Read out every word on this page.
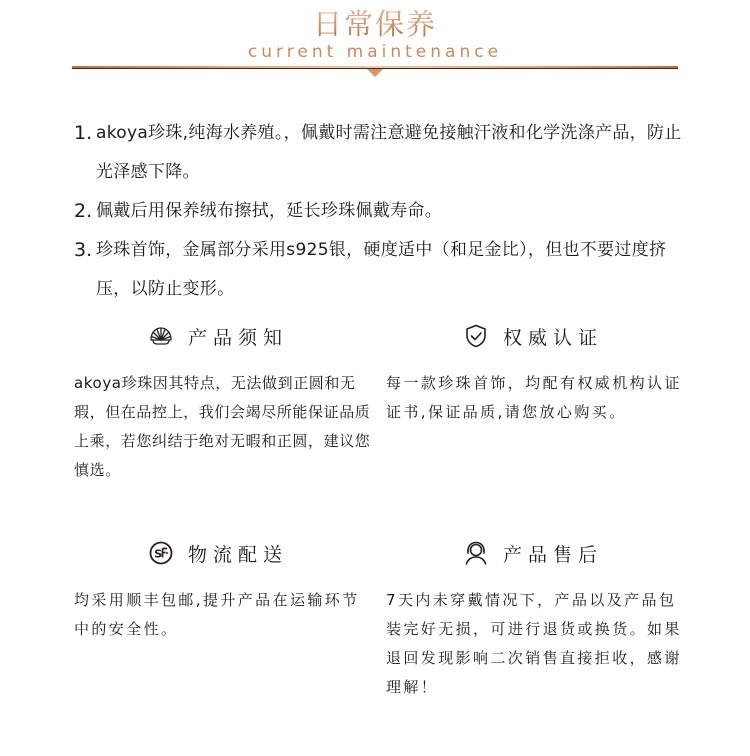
日常保养
current maintenance
1. akoya珍珠,纯海水养殖。，佩戴时需注意避免接触汗液和化学洗涤产品，防止光泽感下降。
2. 佩戴后用保养绒布擦拭，延长珍珠佩戴寿命。
3. 珍珠首饰，金属部分采用s925银，硬度适中（和足金比），但也不要过度挤压，以防止变形。
产品须知
akoya珍珠因其特点，无法做到正圆和无瑕，但在品控上，我们会竭尽所能保证品质上乘，若您纠结于绝对无暇和正圆，建议您慎选。
权威认证
每一款珍珠首饰，均配有权威机构认证证书,保证品质,请您放心购买。
S 物流配送
均采用顺丰包邮,提升产品在运输环节中的安全性。
产品售后
7天内未穿戴情况下，产品以及产品包装完好无损，可进行退货或换货。如果退回发现影响二次销售直接拒收，感谢理解！
